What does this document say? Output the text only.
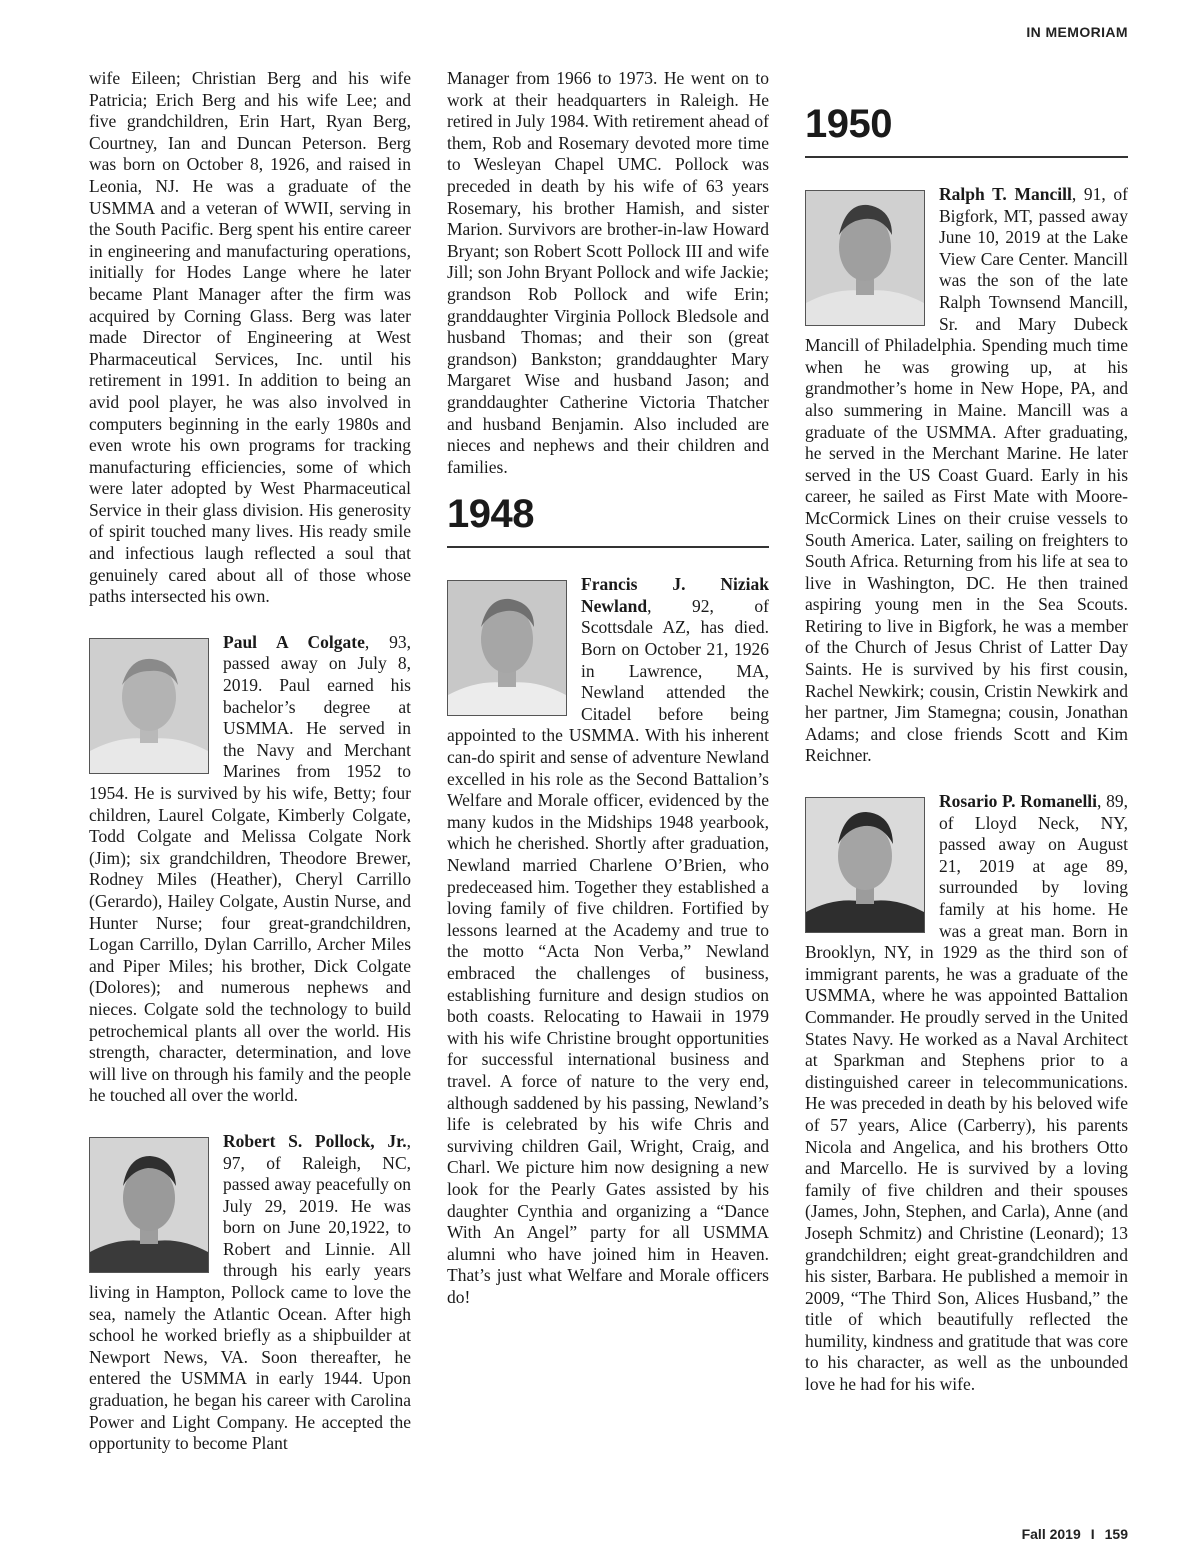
IN MEMORIAM

wife Eileen; Christian Berg and his wife Patricia; Erich Berg and his wife Lee; and five grandchildren, Erin Hart, Ryan Berg, Courtney, Ian and Duncan Peterson. Berg was born on October 8, 1926, and raised in Leonia, NJ. He was a graduate of the USMMA and a veteran of WWII, serving in the South Pacific. Berg spent his entire career in engineering and manufacturing operations, initially for Hodes Lange where he later became Plant Manager after the firm was acquired by Corning Glass. Berg was later made Director of Engineering at West Pharmaceutical Services, Inc. until his retirement in 1991. In addition to being an avid pool player, he was also involved in computers beginning in the early 1980s and even wrote his own programs for tracking manufacturing efficiencies, some of which were later adopted by West Pharmaceutical Service in their glass division. His generosity of spirit touched many lives. His ready smile and infectious laugh reflected a soul that genuinely cared about all of those whose paths intersected his own.

Paul A Colgate, 93, passed away on July 8, 2019. Paul earned his bachelor’s degree at USMMA. He served in the Navy and Merchant Marines from 1952 to 1954. He is survived by his wife, Betty; four children, Laurel Colgate, Kimberly Colgate, Todd Colgate and Melissa Colgate Nork (Jim); six grandchildren, Theodore Brewer, Rodney Miles (Heather), Cheryl Carrillo (Gerardo), Hailey Colgate, Austin Nurse, and Hunter Nurse; four great-grandchildren, Logan Carrillo, Dylan Carrillo, Archer Miles and Piper Miles; his brother, Dick Colgate (Dolores); and numerous nephews and nieces. Colgate sold the technology to build petrochemical plants all over the world. His strength, character, determination, and love will live on through his family and the people he touched all over the world.

Robert S. Pollock, Jr., 97, of Raleigh, NC, passed away peacefully on July 29, 2019. He was born on June 20,1922, to Robert and Linnie. All through his early years living in Hampton, Pollock came to love the sea, namely the Atlantic Ocean. After high school he worked briefly as a shipbuilder at Newport News, VA. Soon thereafter, he entered the USMMA in early 1944. Upon graduation, he began his career with Carolina Power and Light Company. He accepted the opportunity to become Plant

Manager from 1966 to 1973. He went on to work at their headquarters in Raleigh. He retired in July 1984. With retirement ahead of them, Rob and Rosemary devoted more time to Wesleyan Chapel UMC. Pollock was preceded in death by his wife of 63 years Rosemary, his brother Hamish, and sister Marion. Survivors are brother-in-law Howard Bryant; son Robert Scott Pollock III and wife Jill; son John Bryant Pollock and wife Jackie; grandson Rob Pollock and wife Erin; granddaughter Virginia Pollock Bledsole and husband Thomas; and their son (great grandson) Bankston; granddaughter Mary Margaret Wise and husband Jason; and granddaughter Catherine Victoria Thatcher and husband Benjamin. Also included are nieces and nephews and their children and families.

1948

Francis J. Niziak Newland, 92, of Scottsdale AZ, has died. Born on October 21, 1926 in Lawrence, MA, Newland attended the Citadel before being appointed to the USMMA. With his inherent can-do spirit and sense of adventure Newland excelled in his role as the Second Battalion’s Welfare and Morale officer, evidenced by the many kudos in the Midships 1948 yearbook, which he cherished. Shortly after graduation, Newland married Charlene O’Brien, who predeceased him. Together they established a loving family of five children. Fortified by lessons learned at the Academy and true to the motto “Acta Non Verba,” Newland embraced the challenges of business, establishing furniture and design studios on both coasts. Relocating to Hawaii in 1979 with his wife Christine brought opportunities for successful international business and travel. A force of nature to the very end, although saddened by his passing, Newland’s life is celebrated by his wife Chris and surviving children Gail, Wright, Craig, and Charl. We picture him now designing a new look for the Pearly Gates assisted by his daughter Cynthia and organizing a “Dance With An Angel” party for all USMMA alumni who have joined him in Heaven. That’s just what Welfare and Morale officers do!

1950

Ralph T. Mancill, 91, of Bigfork, MT, passed away June 10, 2019 at the Lake View Care Center. Mancill was the son of the late Ralph Townsend Mancill, Sr. and Mary Dubeck Mancill of Philadelphia. Spending much time when he was growing up, at his grandmother’s home in New Hope, PA, and also summering in Maine. Mancill was a graduate of the USMMA. After graduating, he served in the Merchant Marine. He later served in the US Coast Guard. Early in his career, he sailed as First Mate with Moore-McCormick Lines on their cruise vessels to South America. Later, sailing on freighters to South Africa. Returning from his life at sea to live in Washington, DC. He then trained aspiring young men in the Sea Scouts. Retiring to live in Bigfork, he was a member of the Church of Jesus Christ of Latter Day Saints. He is survived by his first cousin, Rachel Newkirk; cousin, Cristin Newkirk and her partner, Jim Stamegna; cousin, Jonathan Adams; and close friends Scott and Kim Reichner.

Rosario P. Romanelli, 89, of Lloyd Neck, NY, passed away on August 21, 2019 at age 89, surrounded by loving family at his home. He was a great man. Born in Brooklyn, NY, in 1929 as the third son of immigrant parents, he was a graduate of the USMMA, where he was appointed Battalion Commander. He proudly served in the United States Navy. He worked as a Naval Architect at Sparkman and Stephens prior to a distinguished career in telecommunications. He was preceded in death by his beloved wife of 57 years, Alice (Carberry), his parents Nicola and Angelica, and his brothers Otto and Marcello. He is survived by a loving family of five children and their spouses (James, John, Stephen, and Carla), Anne (and Joseph Schmitz) and Christine (Leonard); 13 grandchildren; eight great-grandchildren and his sister, Barbara. He published a memoir in 2009, “The Third Son, Alices Husband,” the title of which beautifully reflected the humility, kindness and gratitude that was core to his character, as well as the unbounded love he had for his wife.

Fall 2019 I 159
